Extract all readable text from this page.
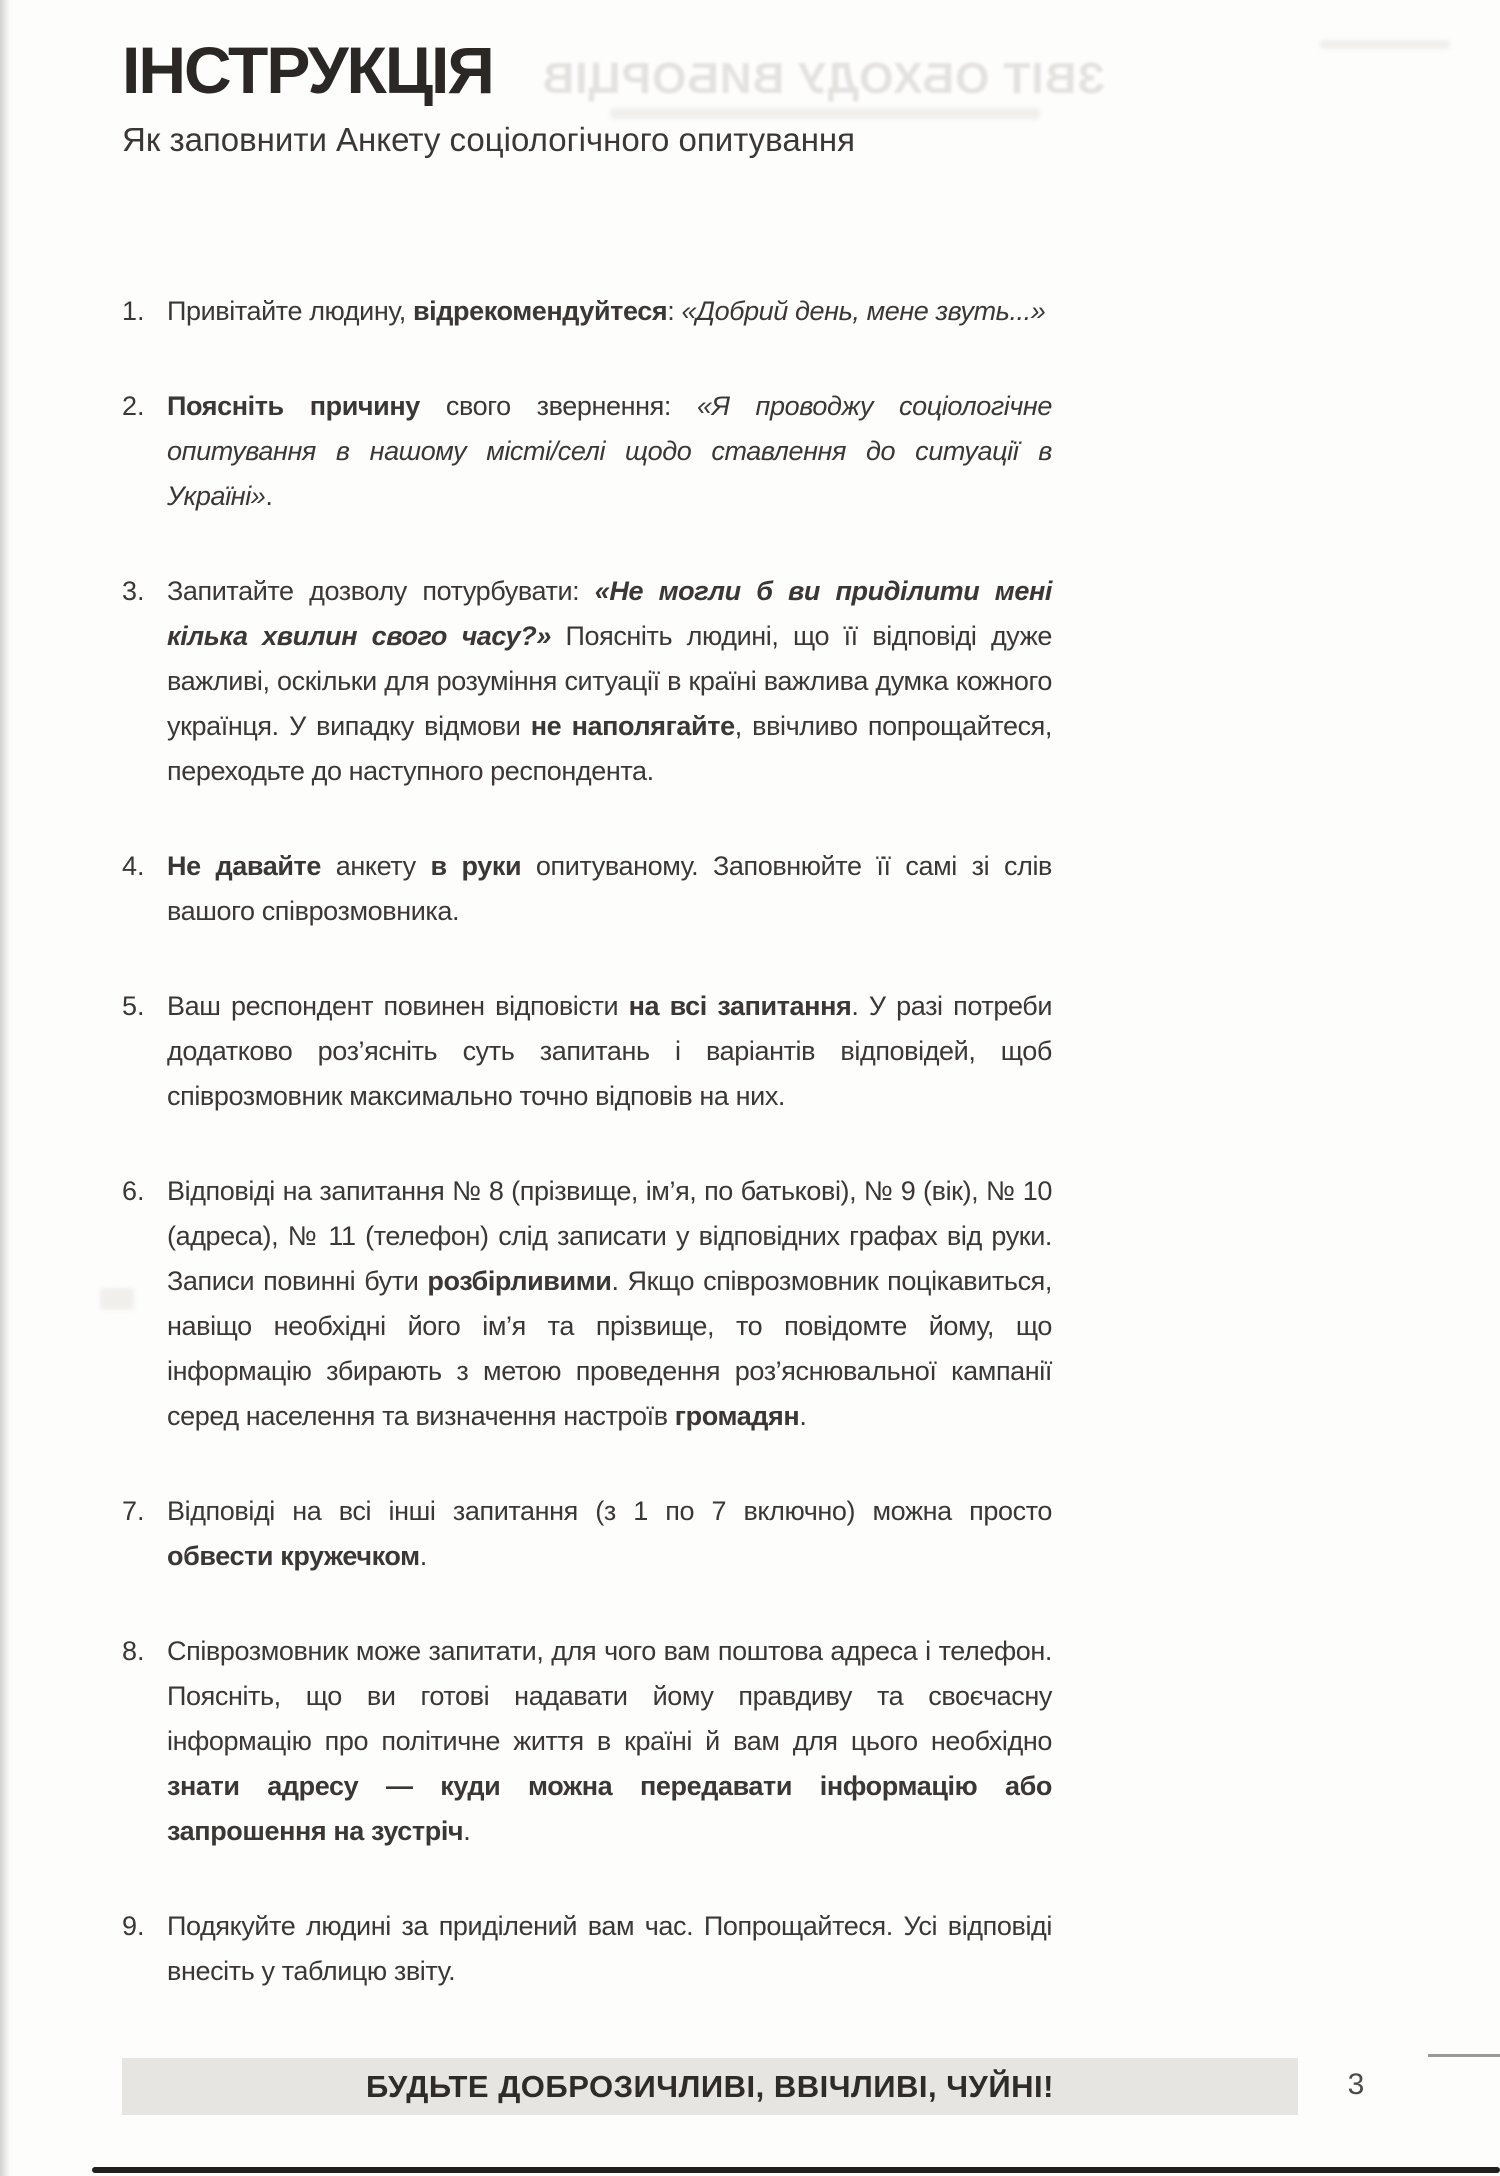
ЗВІТ ОБХОДУ ВИБОРЦІВ
ІНСТРУКЦІЯ
Як заповнити Анкету соціологічного опитування
1. Привітайте людину, відрекомендуйтеся: «Добрий день, мене звуть...»

2. Поясніть причину свого звернення: «Я проводжу соціологічне опитування в нашому місті/селі щодо ставлення до ситуації в Україні».

3. Запитайте дозволу потурбувати: «Не могли б ви приділити мені кілька хвилин свого часу?» Поясніть людині, що її відповіді дуже важливі, оскільки для розуміння ситуації в країні важлива думка кожного українця. У випадку відмови не наполягайте, ввічливо попрощайтеся, переходьте до наступного респондента.

4. Не давайте анкету в руки опитуваному. Заповнюйте її самі зі слів вашого співрозмовника.

5. Ваш респондент повинен відповісти на всі запитання. У разі потреби додатково роз’ясніть суть запитань і варіантів відповідей, щоб співрозмовник максимально точно відповів на них.

6. Відповіді на запитання № 8 (прізвище, ім’я, по батькові), № 9 (вік), № 10 (адреса), № 11 (телефон) слід записати у відповідних графах від руки. Записи повинні бути розбірливими. Якщо співрозмовник поцікавиться, навіщо необхідні його ім’я та прізвище, то повідомте йому, що інформацію збирають з метою проведення роз’яснювальної кампанії серед населення та визначення настроїв громадян.

7. Відповіді на всі інші запитання (з 1 по 7 включно) можна просто обвести кружечком.

8. Співрозмовник може запитати, для чого вам поштова адреса і телефон. Поясніть, що ви готові надавати йому правдиву та своєчасну інформацію про політичне життя в країні й вам для цього необхідно знати адресу — куди можна передавати інформацію або запрошення на зустріч.

9. Подякуйте людині за приділений вам час. Попрощайтеся. Усі відповіді внесіть у таблицю звіту.

БУДЬТЕ ДОБРОЗИЧЛИВІ, ВВІЧЛИВІ, ЧУЙНІ!	3
